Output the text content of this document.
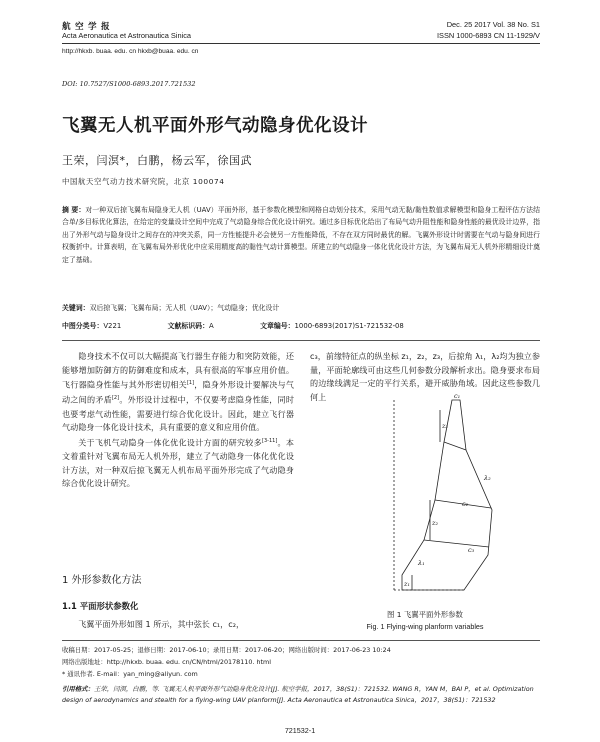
航 空 学 报
Acta Aeronautica et Astronautica Sinica
Dec. 25 2017 Vol. 38 No. S1
ISSN 1000-6893 CN 11-1929/V
http://hkxb. buaa. edu. cn hkxb@buaa. edu. cn
DOI: 10.7527/S1000-6893.2017.721532
飞翼无人机平面外形气动隐身优化设计
王荣，闫溟*，白鹏，杨云军，徐国武
中国航天空气动力技术研究院，北京 100074
摘 要：对一种双后掠飞翼布局隐身无人机（UAV）平面外形，基于参数化模型和网格自动划分技术，采用气动无黏/黏性数值求解模型和隐身工程评估方法结合单/多目标优化算法，在给定的变量设计空间中完成了气动隐身综合优化设计研究。通过多目标优化给出了布局气动升阻性能和隐身性能的最优设计边界，指出了外形气动与隐身设计之间存在的冲突关系，同一方性能提升必会使另一方性能降低，不存在双方同时最优的解。飞翼外形设计时需要在气动与隐身间进行权衡折中。计算表明，在飞翼布局外形优化中应采用精度高的黏性气动计算模型。所建立的气动隐身一体化优化设计方法，为飞翼布局无人机外形精细设计奠定了基础。
关键词：双后掠飞翼；飞翼布局；无人机（UAV）；气动隐身；优化设计
中图分类号：V221	文献标识码：A	文章编号：1000-6893(2017)S1-721532-08

隐身技术不仅可以大幅提高飞行器生存能力和突防效能，还能够增加防御方的防御难度和成本，具有很高的军事应用价值。飞行器隐身性能与其外形密切相关[1]，隐身外形设计要解决与气动之间的矛盾[2]。外形设计过程中，不仅要考虑隐身性能，同时也要考虑气动性能，需要进行综合优化设计。因此，建立飞行器气动隐身一体化设计技术，具有重要的意义和应用价值。

关于飞机气动隐身一体化优化设计方面的研究较多[3-11]。本文着重针对飞翼布局无人机外形，建立了气动隐身一体化优化设计方法，对一种双后掠飞翼无人机布局平面外形完成了气动隐身综合优化设计研究。

1 外形参数化方法
1.1 平面形状参数化
飞翼平面外形如图 1 所示，其中弦长 c₁，c₂，
c₃，前缘特征点的纵坐标 z₁，z₂，z₃，后掠角 λ₁，λ₂均为独立参量，平面轮廓线可由这些几何参数分段解析求出。隐身要求布局的边缘线满足一定的平行关系，避开威胁角域。因此这些参数几何上
z₃
c₁
c₂
z₂
c₃
λ₁
λ₂
z₁
图 1 飞翼平面外形参数
Fig. 1 Flying-wing planform variables
收稿日期：2017-05-25；退修日期：2017-06-10；录用日期：2017-06-20；网络出版时间：2017-06-23 10:24
网络出版地址：http://hkxb. buaa. edu. cn/CN/html/20178110. html
* 通讯作者. E-mail：yan_ming@aliyun. com
引用格式：王荣，闫溟，白鹏，等. 飞翼无人机平面外形气动隐身优化设计[J]. 航空学报，2017，38(S1)：721532. WANG R，YAN M，BAI P，et al. Optimization design of aerodynamics and stealth for a flying-wing UAV planform[J]. Acta Aeronautica et Astronautica Sinica，2017，38(S1)：721532
721532-1
